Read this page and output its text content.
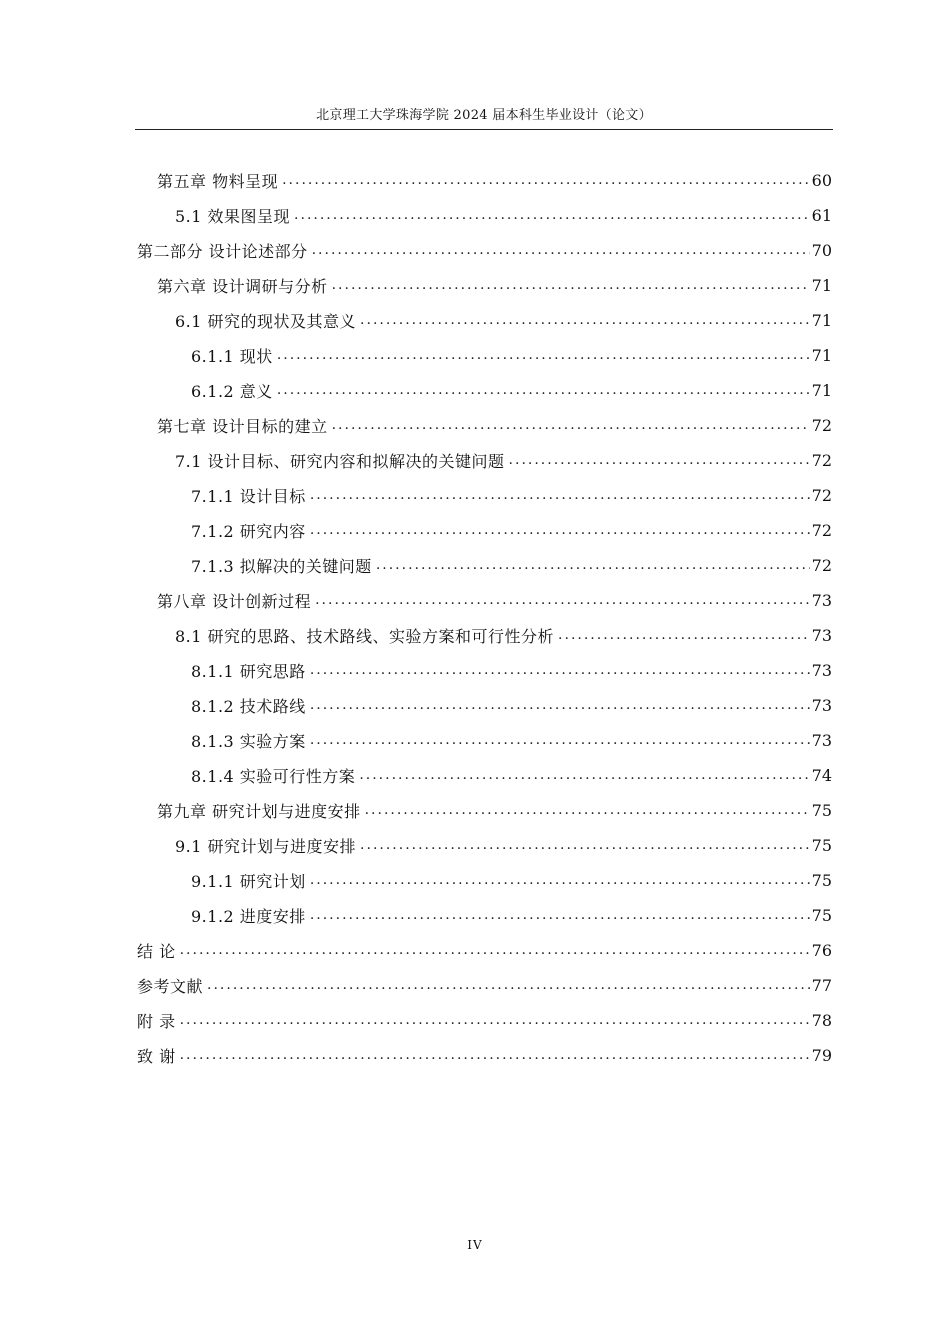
北京理工大学珠海学院 2024 届本科生毕业设计（论文）
第五章 物料呈现 .....	60
5.1 效果图呈现 .....	61
第二部分 设计论述部分 .....	70
第六章 设计调研与分析 .....	71
6.1 研究的现状及其意义 .....	71
6.1.1 现状 .....	71
6.1.2 意义 .....	71
第七章 设计目标的建立 .....	72
7.1 设计目标、研究内容和拟解决的关键问题 .....	72
7.1.1 设计目标 .....	72
7.1.2 研究内容 .....	72
7.1.3 拟解决的关键问题 .....	72
第八章 设计创新过程 .....	73
8.1 研究的思路、技术路线、实验方案和可行性分析 .....	73
8.1.1 研究思路 .....	73
8.1.2 技术路线 .....	73
8.1.3 实验方案 .....	73
8.1.4 实验可行性方案 .....	74
第九章 研究计划与进度安排 .....	75
9.1 研究计划与进度安排 .....	75
9.1.1 研究计划 .....	75
9.1.2 进度安排 .....	75
结 论 .....	76
参考文献 .....	77
附 录 .....	78
致 谢 .....	79
IV
